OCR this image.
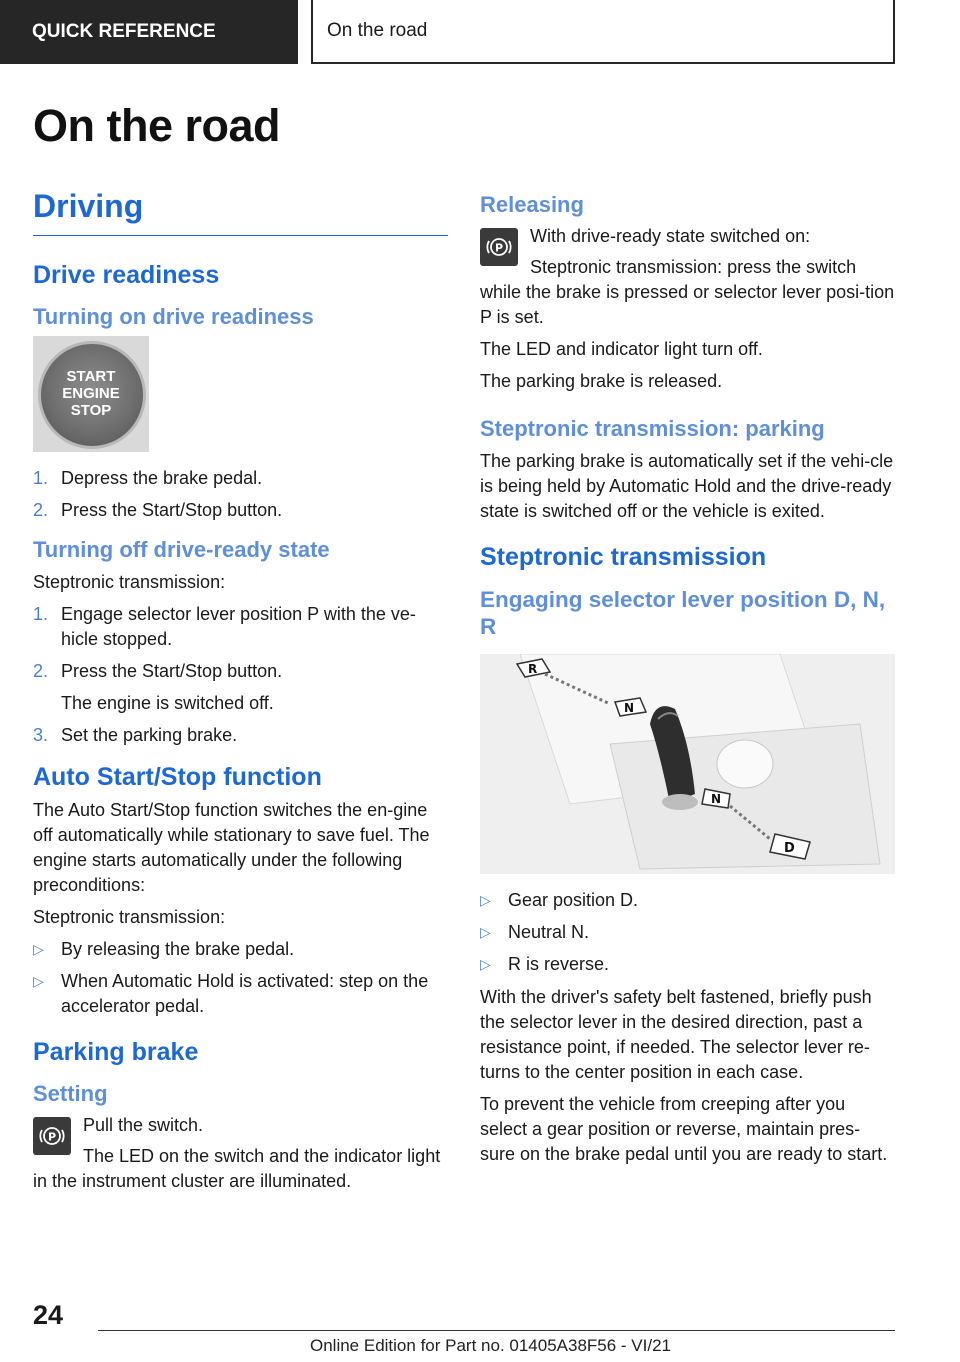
QUICK REFERENCE	On the road
On the road
Driving
Drive readiness
Turning on drive readiness
START
ENGINE
STOP
1. Depress the brake pedal.
2. Press the Start/Stop button.
Turning off drive-ready state

Steptronic transmission:

1. Engage selector lever position P with the ve-hicle stopped.
2. Press the Start/Stop button.
The engine is switched off.
3. Set the parking brake.
Auto Start/Stop function

The Auto Start/Stop function switches the en-gine off automatically while stationary to save fuel. The engine starts automatically under the following preconditions:

Steptronic transmission:

▷ By releasing the brake pedal.
▷ When Automatic Hold is activated: step on the accelerator pedal.
Parking brake
Setting
P

Pull the switch.

The LED on the switch and the indicator light in the instrument cluster are illuminated.

Releasing
P

With drive-ready state switched on:

Steptronic transmission: press the switch while the brake is pressed or selector lever posi-tion P is set.

The LED and indicator light turn off.

The parking brake is released.

Steptronic transmission: parking

The parking brake is automatically set if the vehi-cle is being held by Automatic Hold and the drive-ready state is switched off or the vehicle is exited.

Steptronic transmission
Engaging selector lever position D, N, R
R
N
N
D
▷ Gear position D.
▷ Neutral N.
▷ R is reverse.

With the driver's safety belt fastened, briefly push the selector lever in the desired direction, past a resistance point, if needed. The selector lever re-turns to the center position in each case.

To prevent the vehicle from creeping after you select a gear position or reverse, maintain pres-sure on the brake pedal until you are ready to start.

24
Online Edition for Part no. 01405A38F56 - VI/21
